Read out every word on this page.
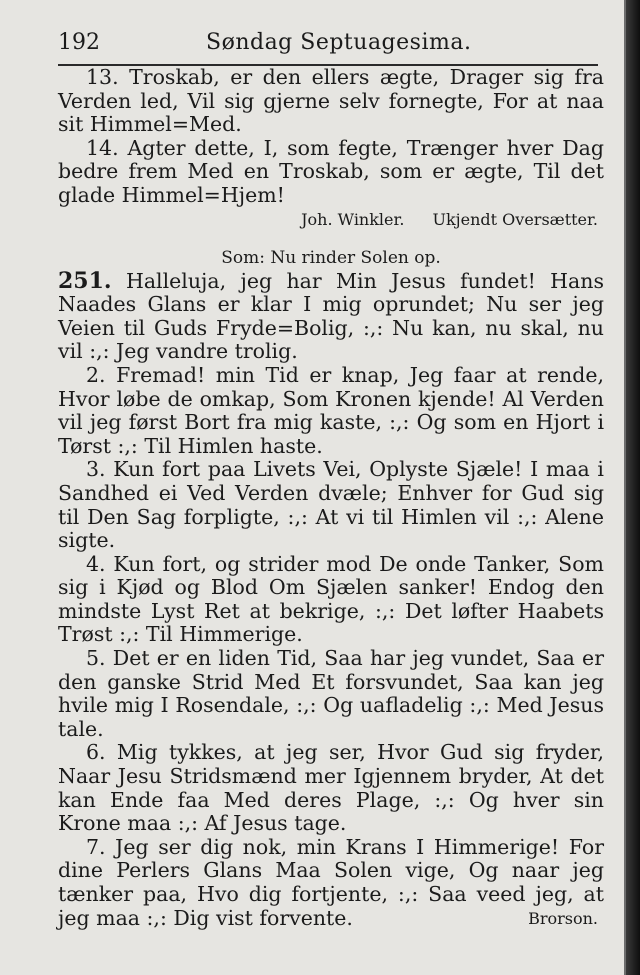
192	Søndag Septuagesima.

13. Troskab, er den ellers ægte, Drager sig fra Verden led, Vil sig gjerne selv fornegte, For at naa sit Himmel=Med.

14. Agter dette, I, som fegte, Trænger hver Dag bedre frem Med en Troskab, som er ægte, Til det glade Himmel=Hjem!

Joh. Winkler. Ukjendt Oversætter.

Som: Nu rinder Solen op.

251. Halleluja, jeg har Min Jesus fundet! Hans Naades Glans er klar I mig oprundet; Nu ser jeg Veien til Guds Fryde=Bolig, :,: Nu kan, nu skal, nu vil :,: Jeg vandre trolig.

2. Fremad! min Tid er knap, Jeg faar at rende, Hvor løbe de omkap, Som Kronen kjende! Al Verden vil jeg først Bort fra mig kaste, :,: Og som en Hjort i Tørst :,: Til Himlen haste.

3. Kun fort paa Livets Vei, Oplyste Sjæle! I maa i Sandhed ei Ved Verden dvæle; Enhver for Gud sig til Den Sag forpligte, :,: At vi til Himlen vil :,: Alene sigte.

4. Kun fort, og strider mod De onde Tanker, Som sig i Kjød og Blod Om Sjælen sanker! Endog den mindste Lyst Ret at bekrige, :,: Det løfter Haabets Trøst :,: Til Himmerige.

5. Det er en liden Tid, Saa har jeg vundet, Saa er den ganske Strid Med Et forsvundet, Saa kan jeg hvile mig I Rosendale, :,: Og uafladelig :,: Med Jesus tale.

6. Mig tykkes, at jeg ser, Hvor Gud sig fryder, Naar Jesu Stridsmænd mer Igjennem bryder, At det kan Ende faa Med deres Plage, :,: Og hver sin Krone maa :,: Af Jesus tage.

7. Jeg ser dig nok, min Krans I Himmerige! For dine Perlers Glans Maa Solen vige, Og naar jeg tænker paa, Hvo dig fortjente, :,: Saa veed jeg, at jeg maa :,: Dig vist forvente.	Brorson.
